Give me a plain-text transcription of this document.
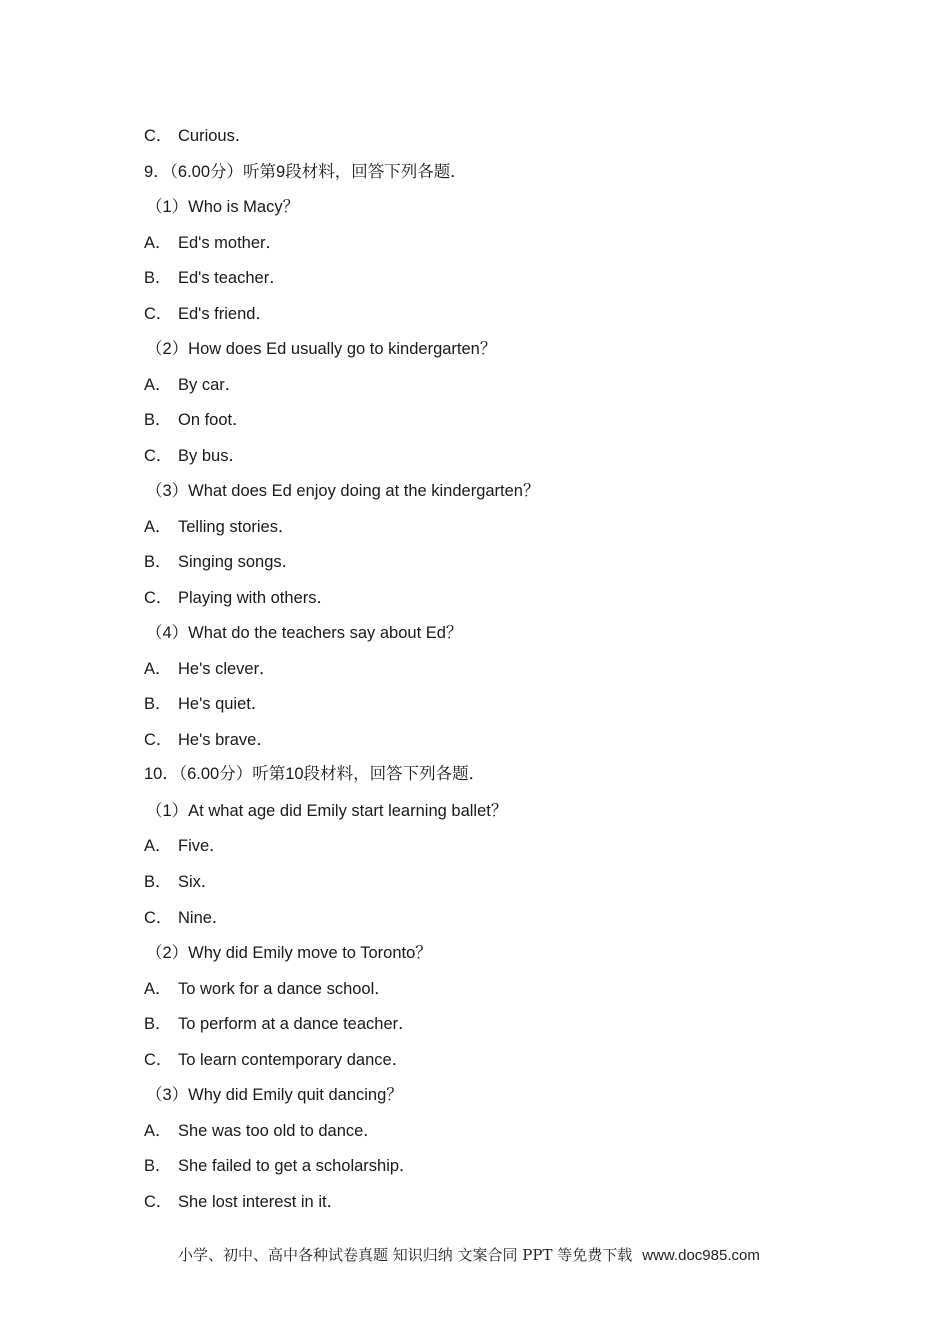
C． Curious．
9．（6.00分）听第9段材料，回答下列各题．
（1）Who is Macy？
A． Ed's mother．
B． Ed's teacher．
C． Ed's friend．
（2）How does Ed usually go to kindergarten？
A． By car．
B． On foot．
C． By bus．
（3）What does Ed enjoy doing at the kindergarten？
A． Telling stories．
B． Singing songs．
C． Playing with others．
（4）What do the teachers say about Ed？
A． He's clever．
B． He's quiet．
C． He's brave．
10．（6.00分）听第10段材料，回答下列各题．
（1）At what age did Emily start learning ballet？
A． Five．
B． Six．
C． Nine．
（2）Why did Emily move to Toronto？
A． To work for a dance school．
B． To perform at a dance teacher．
C． To learn contemporary dance．
（3）Why did Emily quit dancing？
A． She was too old to dance．
B． She failed to get a scholarship．
C． She lost interest in it．
小学、初中、高中各种试卷真题 知识归纳 文案合同 PPT 等免费下载 www.doc985.com
